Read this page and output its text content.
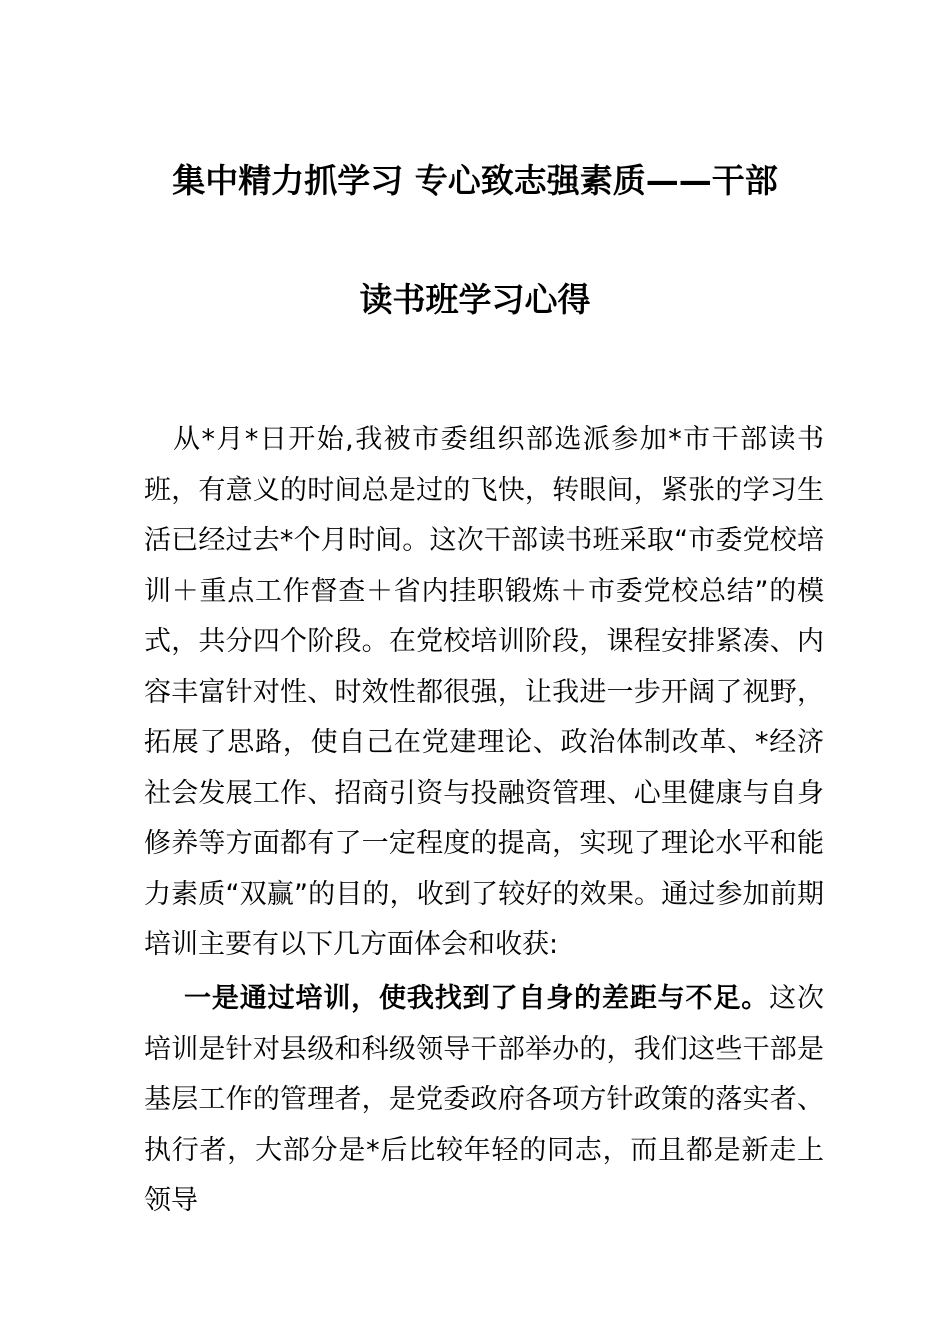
集中精力抓学习 专心致志强素质——干部
读书班学习心得

从*月*日开始,我被市委组织部选派参加*市干部读书班，有意义的时间总是过的飞快，转眼间，紧张的学习生活已经过去*个月时间。这次干部读书班采取“市委党校培训＋重点工作督查＋省内挂职锻炼＋市委党校总结”的模式，共分四个阶段。在党校培训阶段，课程安排紧凑、内容丰富针对性、时效性都很强，让我进一步开阔了视野，拓展了思路，使自己在党建理论、政治体制改革、*经济社会发展工作、招商引资与投融资管理、心里健康与自身修养等方面都有了一定程度的提高，实现了理论水平和能力素质“双赢”的目的，收到了较好的效果。通过参加前期培训主要有以下几方面体会和收获:

一是通过培训，使我找到了自身的差距与不足。这次培训是针对县级和科级领导干部举办的，我们这些干部是基层工作的管理者，是党委政府各项方针政策的落实者、执行者，大部分是*后比较年轻的同志，而且都是新走上领导
